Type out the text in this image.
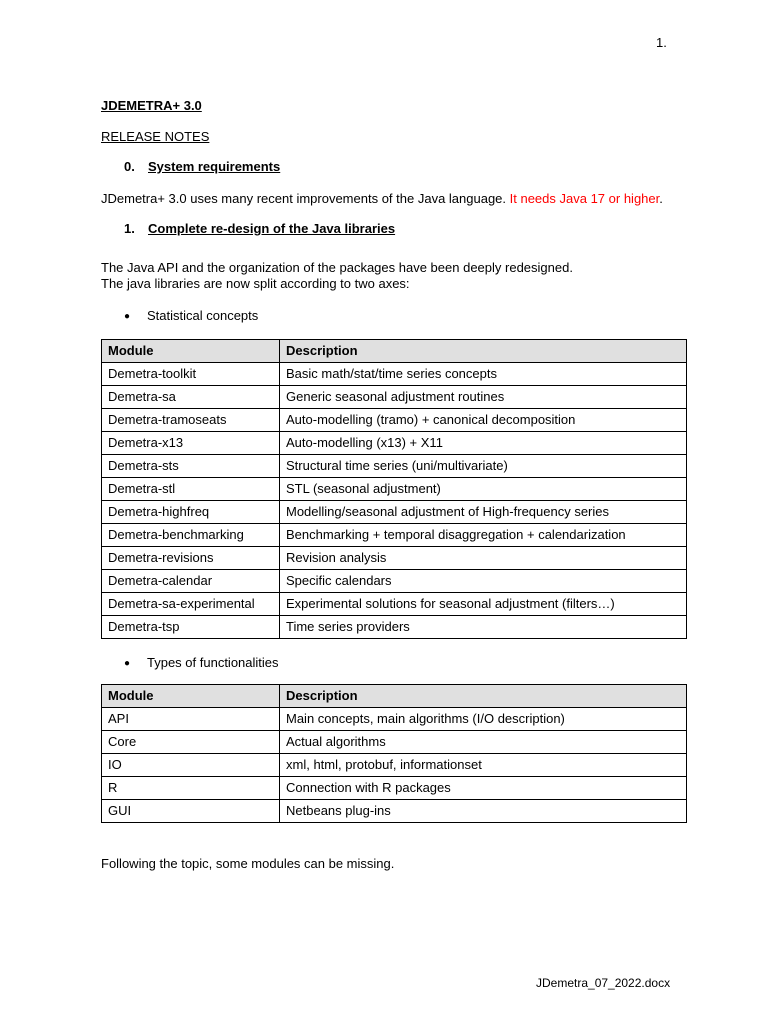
1.
JDEMETRA+ 3.0
RELEASE NOTES
0. System requirements
JDemetra+ 3.0 uses many recent improvements of the Java language. It needs Java 17 or higher.
1. Complete re-design of the Java libraries
The Java API and the organization of the packages have been deeply redesigned.
The java libraries are now split according to two axes:
● Statistical concepts
Module	Description
Demetra-toolkit	Basic math/stat/time series concepts
Demetra-sa	Generic seasonal adjustment routines
Demetra-tramoseats	Auto-modelling (tramo) + canonical decomposition
Demetra-x13	Auto-modelling (x13) + X11
Demetra-sts	Structural time series (uni/multivariate)
Demetra-stl	STL (seasonal adjustment)
Demetra-highfreq	Modelling/seasonal adjustment of High-frequency series
Demetra-benchmarking	Benchmarking + temporal disaggregation + calendarization
Demetra-revisions	Revision analysis
Demetra-calendar	Specific calendars
Demetra-sa-experimental	Experimental solutions for seasonal adjustment (filters…)
Demetra-tsp	Time series providers
● Types of functionalities
Module	Description
API	Main concepts, main algorithms (I/O description)
Core	Actual algorithms
IO	xml, html, protobuf, informationset
R	Connection with R packages
GUI	Netbeans plug-ins
Following the topic, some modules can be missing.
JDemetra_07_2022.docx
